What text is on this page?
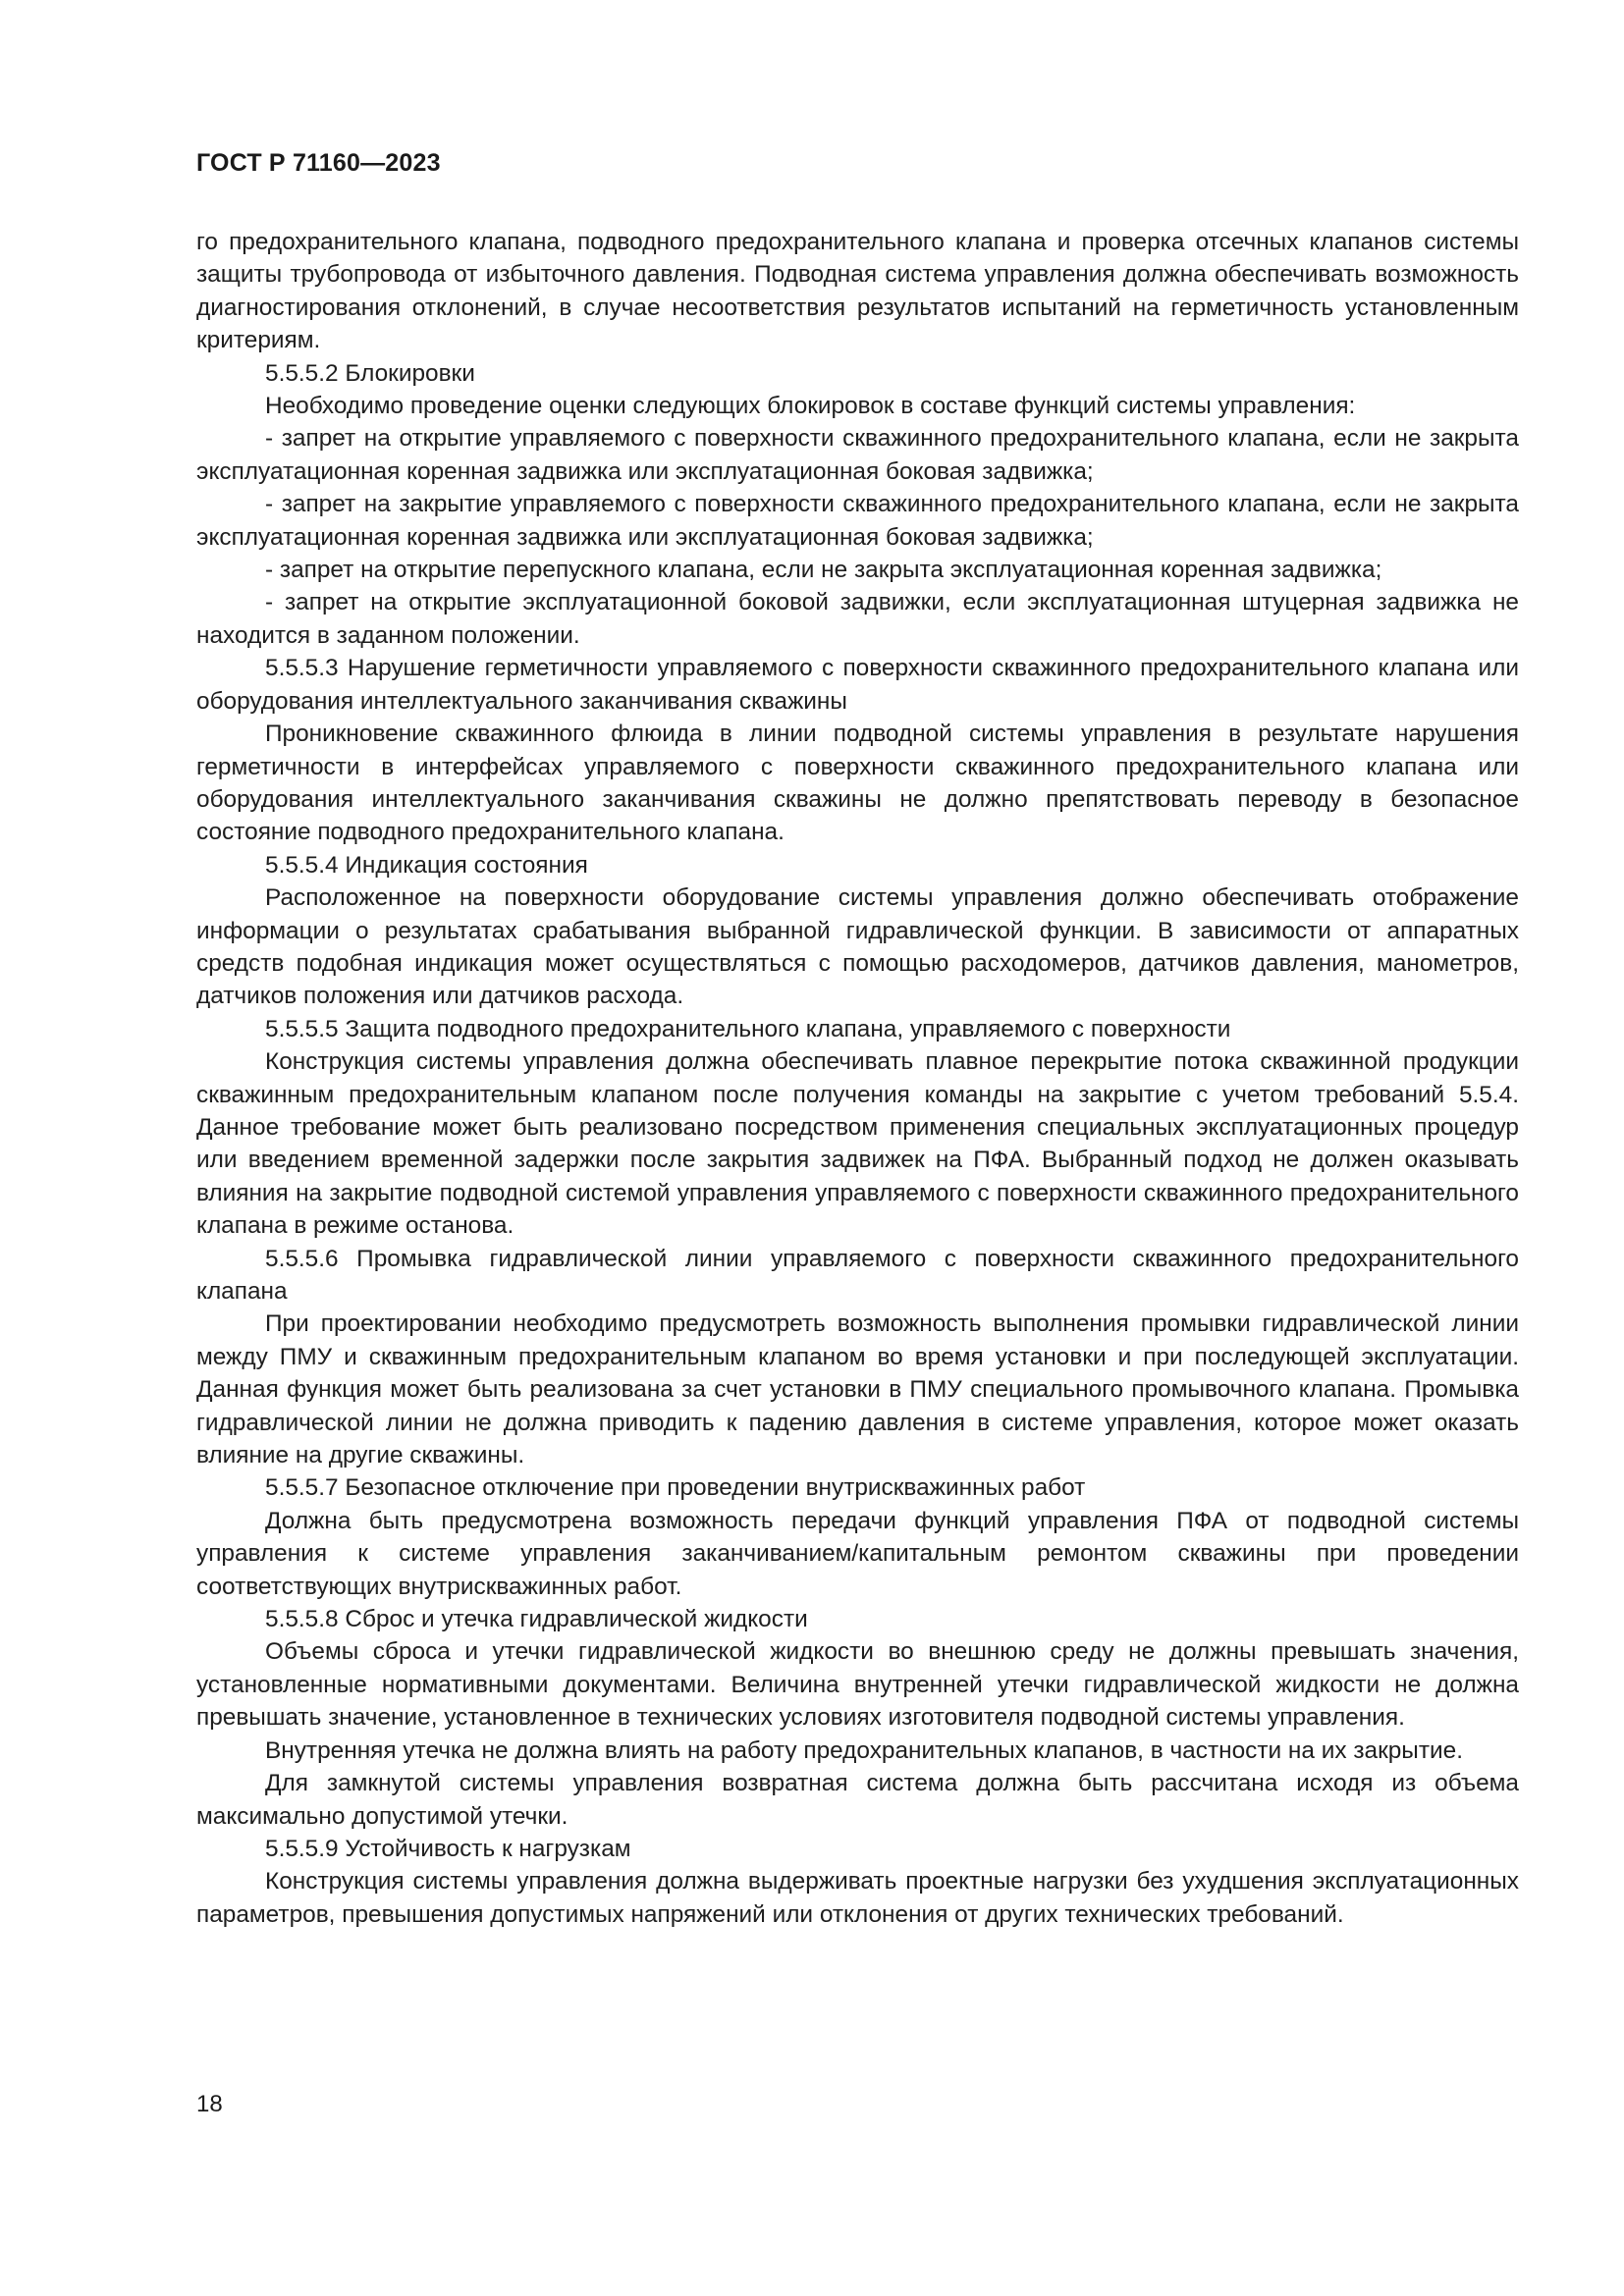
ГОСТ Р 71160—2023

го предохранительного клапана, подводного предохранительного клапана и проверка отсечных клапанов системы защиты трубопровода от избыточного давления. Подводная система управления должна обеспечивать возможность диагностирования отклонений, в случае несоответствия результатов испытаний на герметичность установленным критериям.

5.5.5.2 Блокировки

Необходимо проведение оценки следующих блокировок в составе функций системы управления:

- запрет на открытие управляемого с поверхности скважинного предохранительного клапана, если не закрыта эксплуатационная коренная задвижка или эксплуатационная боковая задвижка;

- запрет на закрытие управляемого с поверхности скважинного предохранительного клапана, если не закрыта эксплуатационная коренная задвижка или эксплуатационная боковая задвижка;

- запрет на открытие перепускного клапана, если не закрыта эксплуатационная коренная задвижка;

- запрет на открытие эксплуатационной боковой задвижки, если эксплуатационная штуцерная задвижка не находится в заданном положении.

5.5.5.3 Нарушение герметичности управляемого с поверхности скважинного предохранительного клапана или оборудования интеллектуального заканчивания скважины

Проникновение скважинного флюида в линии подводной системы управления в результате нарушения герметичности в интерфейсах управляемого с поверхности скважинного предохранительного клапана или оборудования интеллектуального заканчивания скважины не должно препятствовать переводу в безопасное состояние подводного предохранительного клапана.

5.5.5.4 Индикация состояния

Расположенное на поверхности оборудование системы управления должно обеспечивать отображение информации о результатах срабатывания выбранной гидравлической функции. В зависимости от аппаратных средств подобная индикация может осуществляться с помощью расходомеров, датчиков давления, манометров, датчиков положения или датчиков расхода.

5.5.5.5 Защита подводного предохранительного клапана, управляемого с поверхности

Конструкция системы управления должна обеспечивать плавное перекрытие потока скважинной продукции скважинным предохранительным клапаном после получения команды на закрытие с учетом требований 5.5.4. Данное требование может быть реализовано посредством применения специальных эксплуатационных процедур или введением временной задержки после закрытия задвижек на ПФА. Выбранный подход не должен оказывать влияния на закрытие подводной системой управления управляемого с поверхности скважинного предохранительного клапана в режиме останова.

5.5.5.6 Промывка гидравлической линии управляемого с поверхности скважинного предохранительного клапана

При проектировании необходимо предусмотреть возможность выполнения промывки гидравлической линии между ПМУ и скважинным предохранительным клапаном во время установки и при последующей эксплуатации. Данная функция может быть реализована за счет установки в ПМУ специального промывочного клапана. Промывка гидравлической линии не должна приводить к падению давления в системе управления, которое может оказать влияние на другие скважины.

5.5.5.7 Безопасное отключение при проведении внутрискважинных работ

Должна быть предусмотрена возможность передачи функций управления ПФА от подводной системы управления к системе управления заканчиванием/капитальным ремонтом скважины при проведении соответствующих внутрискважинных работ.

5.5.5.8 Сброс и утечка гидравлической жидкости

Объемы сброса и утечки гидравлической жидкости во внешнюю среду не должны превышать значения, установленные нормативными документами. Величина внутренней утечки гидравлической жидкости не должна превышать значение, установленное в технических условиях изготовителя подводной системы управления.

Внутренняя утечка не должна влиять на работу предохранительных клапанов, в частности на их закрытие.

Для замкнутой системы управления возвратная система должна быть рассчитана исходя из объема максимально допустимой утечки.

5.5.5.9 Устойчивость к нагрузкам

Конструкция системы управления должна выдерживать проектные нагрузки без ухудшения эксплуатационных параметров, превышения допустимых напряжений или отклонения от других технических требований.

18
